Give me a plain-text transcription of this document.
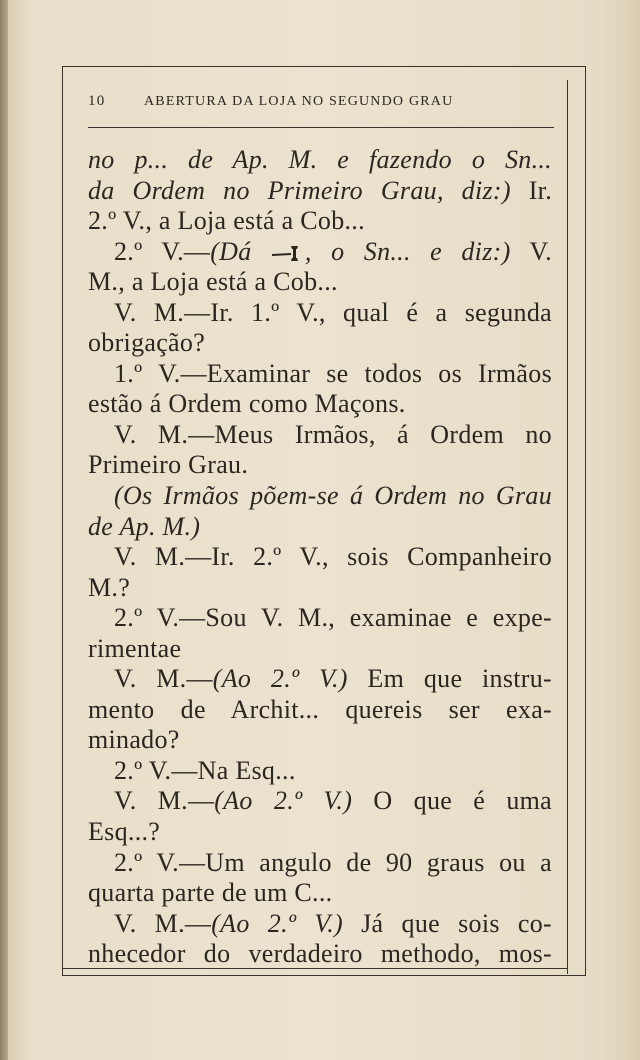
10	ABERTURA DA LOJA NO SEGUNDO GRAU
no p... de Ap. M. e fazendo o Sn...
da Ordem no Primeiro Grau, diz:) Ir.
2.º V., a Loja está a Cob...
2.º V.—(Dá , o Sn... e diz:) V.
M., a Loja está a Cob...
V. M.—Ir. 1.º V., qual é a segunda
obrigação?
1.º V.—Examinar se todos os Irmãos
estão á Ordem como Maçons.
V. M.—Meus Irmãos, á Ordem no
Primeiro Grau.
(Os Irmãos põem-se á Ordem no Grau
de Ap. M.)
V. M.—Ir. 2.º V., sois Companheiro
M.?
2.º V.—Sou V. M., examinae e expe-
rimentae
V. M.—(Ao 2.º V.) Em que instru-
mento de Archit... quereis ser exa-
minado?
2.º V.—Na Esq...
V. M.—(Ao 2.º V.) O que é uma
Esq...?
2.º V.—Um angulo de 90 graus ou a
quarta parte de um C...
V. M.—(Ao 2.º V.) Já que sois co-
nhecedor do verdadeiro methodo, mos-
